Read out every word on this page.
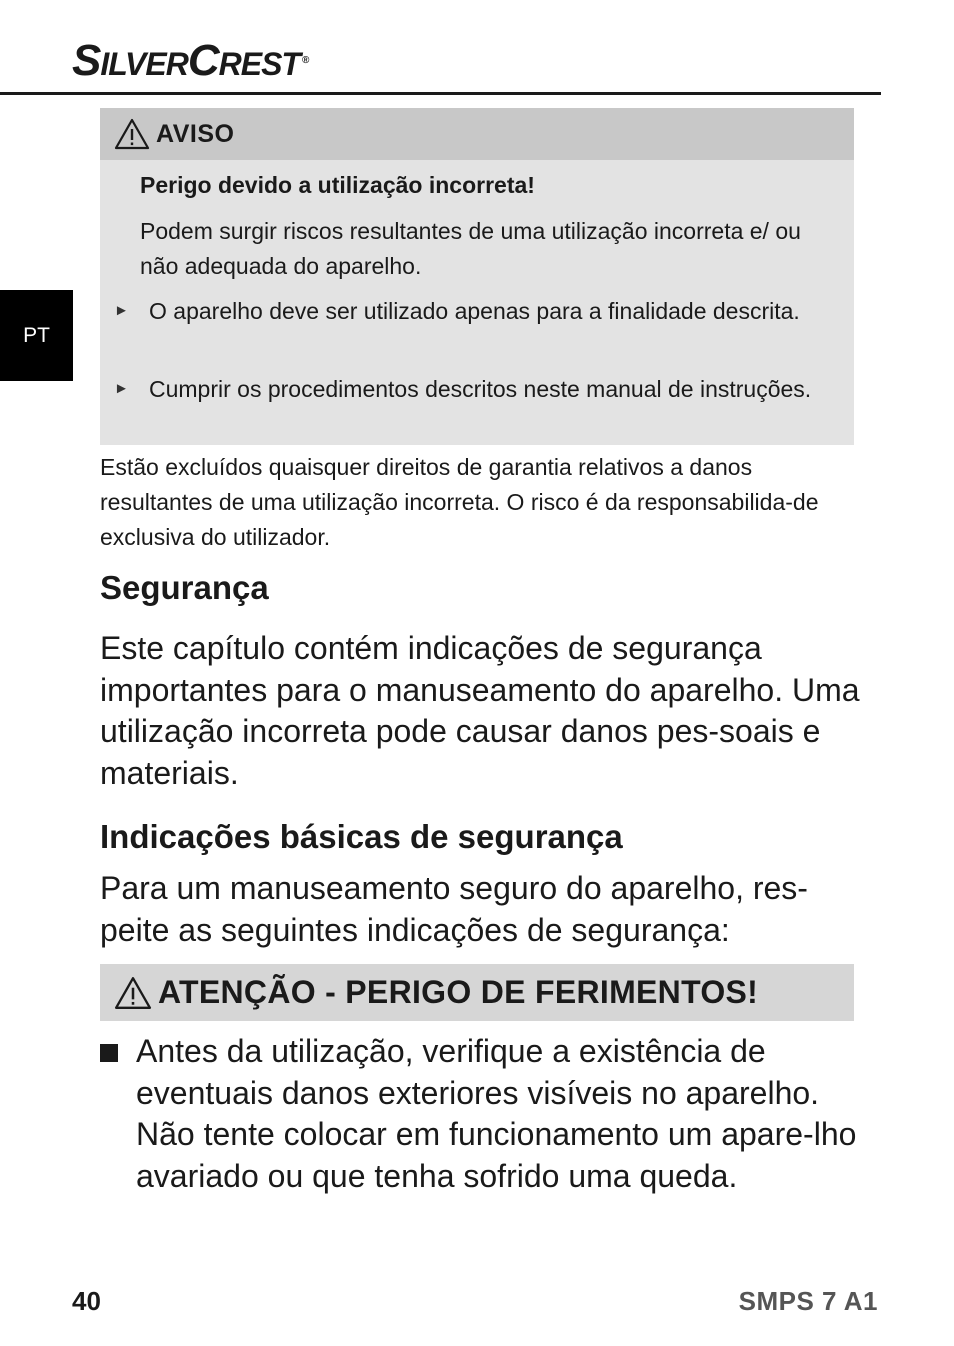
SILVERCREST ®
PT
AVISO
Perigo devido a utilização incorreta!
Podem surgir riscos resultantes de uma utilização incorreta e/ ou não adequada do aparelho.
► O aparelho deve ser utilizado apenas para a finalidade descrita.
► Cumprir os procedimentos descritos neste manual de instruções.
Estão excluídos quaisquer direitos de garantia relativos a danos resultantes de uma utilização incorreta. O risco é da responsabilida-de exclusiva do utilizador.
Segurança
Este capítulo contém indicações de segurança importantes para o manuseamento do aparelho. Uma utilização incorreta pode causar danos pes-soais e materiais.
Indicações básicas de segurança
Para um manuseamento seguro do aparelho, res-peite as seguintes indicações de segurança:
ATENÇÃO - PERIGO DE FERIMENTOS!
Antes da utilização, verifique a existência de eventuais danos exteriores visíveis no aparelho. Não tente colocar em funcionamento um apare-lho avariado ou que tenha sofrido uma queda.
40	SMPS 7 A1
